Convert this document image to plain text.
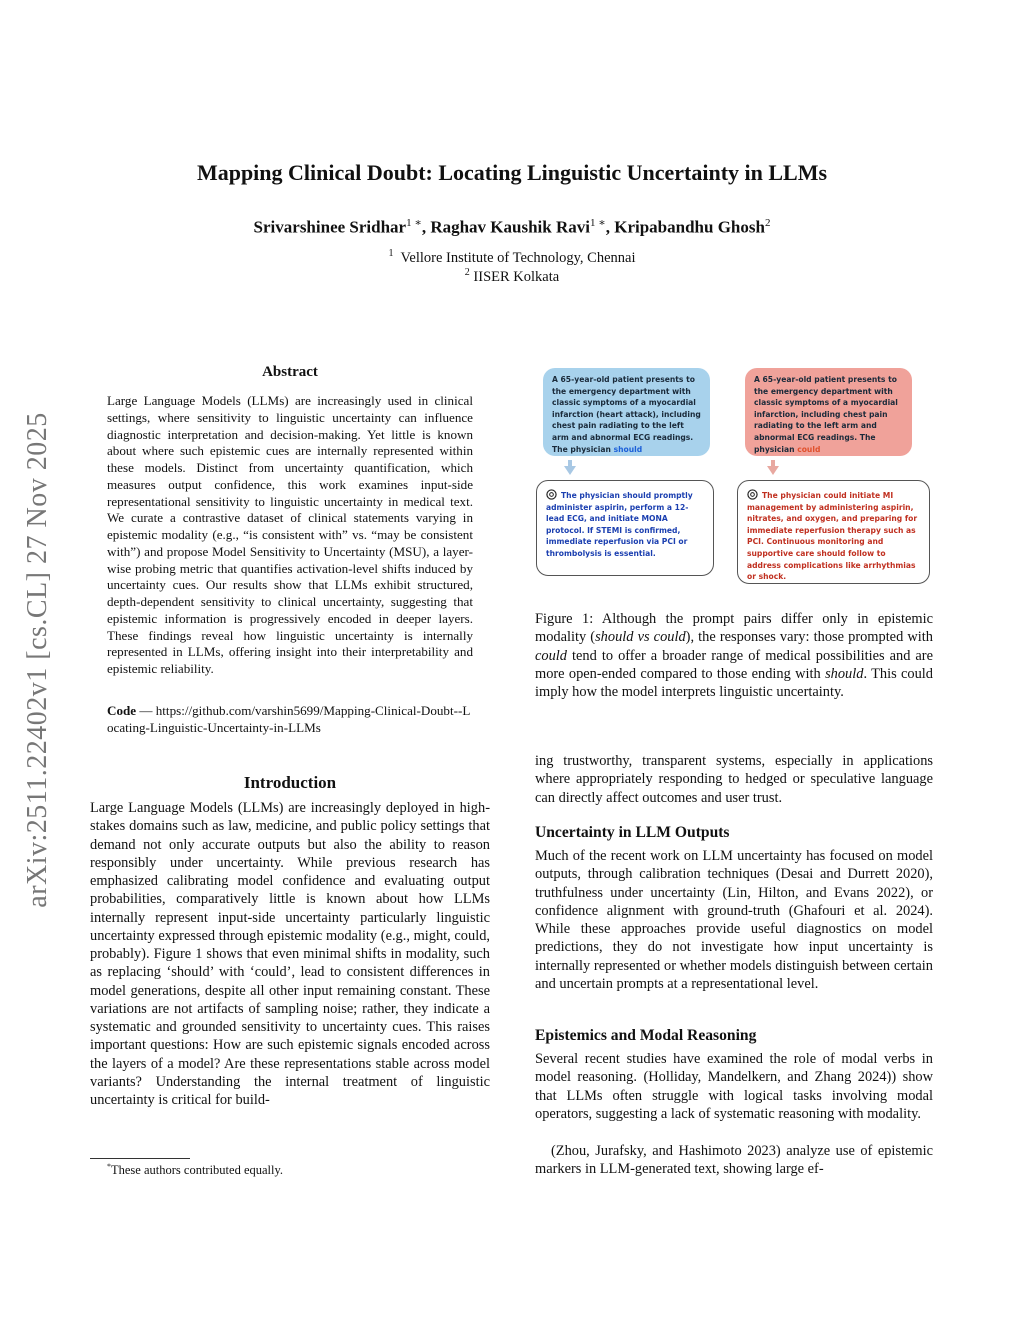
arXiv:2511.22402v1 [cs.CL] 27 Nov 2025
Mapping Clinical Doubt: Locating Linguistic Uncertainty in LLMs
Srivarshinee Sridhar$^{1 ∗}$, Raghav Kaushik Ravi$^{1 ∗}$, Kripabandhu Ghosh$^2$
$^1$ Vellore Institute of Technology, Chennai
$^2$ IISER Kolkata
Abstract
Large Language Models (LLMs) are increasingly used in clinical settings, where sensitivity to linguistic uncertainty can influence diagnostic interpretation and decision-making. Yet little is known about where such epistemic cues are internally represented within these models. Distinct from uncertainty quantification, which measures output confidence, this work examines input-side representational sensitivity to linguistic uncertainty in medical text. We curate a contrastive dataset of clinical statements varying in epistemic modality (e.g., “is consistent with” vs. “may be consistent with”) and propose Model Sensitivity to Uncertainty (MSU), a layer-wise probing metric that quantifies activation-level shifts induced by uncertainty cues. Our results show that LLMs exhibit structured, depth-dependent sensitivity to clinical uncertainty, suggesting that epistemic information is progressively encoded in deeper layers. These findings reveal how linguistic uncertainty is internally represented in LLMs, offering insight into their interpretability and epistemic reliability.
Code — https://github.com/varshin5699/Mapping-Clinical-Doubt--Locating-Linguistic-Uncertainty-in-LLMs
Introduction
Large Language Models (LLMs) are increasingly deployed in high-stakes domains such as law, medicine, and public policy settings that demand not only accurate outputs but also the ability to reason responsibly under uncertainty. While previous research has emphasized calibrating model confidence and evaluating output probabilities, comparatively little is known about how LLMs internally represent input-side uncertainty particularly linguistic uncertainty expressed through epistemic modality (e.g., might, could, probably). Figure 1 shows that even minimal shifts in modality, such as replacing ‘should’ with ‘could’, lead to consistent differences in model generations, despite all other input remaining constant. These variations are not artifacts of sampling noise; rather, they indicate a systematic and grounded sensitivity to uncertainty cues. This raises important questions: How are such epistemic signals encoded across the layers of a model? Are these representations stable across model variants? Understanding the internal treatment of linguistic uncertainty is critical for build-
*These authors contributed equally.
A 65-year-old patient presents to the emergency department with classic symptoms of a myocardial infarction (heart attack), including chest pain radiating to the left arm and abnormal ECG readings. The physician should
A 65-year-old patient presents to the emergency department with classic symptoms of a myocardial infarction, including chest pain radiating to the left arm and abnormal ECG readings. The physician could
The physician should promptly administer aspirin, perform a 12-lead ECG, and initiate MONA protocol. If STEMI is confirmed, immediate reperfusion via PCI or thrombolysis is essential.
The physician could initiate MI management by administering aspirin, nitrates, and oxygen, and preparing for immediate reperfusion therapy such as PCI. Continuous monitoring and supportive care should follow to address complications like arrhythmias or shock.
Figure 1: Although the prompt pairs differ only in epistemic modality (should vs could), the responses vary: those prompted with could tend to offer a broader range of medical possibilities and are more open-ended compared to those ending with should. This could imply how the model interprets linguistic uncertainty.
ing trustworthy, transparent systems, especially in applications where appropriately responding to hedged or speculative language can directly affect outcomes and user trust.
Uncertainty in LLM Outputs
Much of the recent work on LLM uncertainty has focused on model outputs, through calibration techniques (Desai and Durrett 2020), truthfulness under uncertainty (Lin, Hilton, and Evans 2022), or confidence alignment with ground-truth (Ghafouri et al. 2024). While these approaches provide useful diagnostics on model predictions, they do not investigate how input uncertainty is internally represented or whether models distinguish between certain and uncertain prompts at a representational level.
Epistemics and Modal Reasoning
Several recent studies have examined the role of modal verbs in model reasoning. (Holliday, Mandelkern, and Zhang 2024)) show that LLMs often struggle with logical tasks involving modal operators, suggesting a lack of systematic reasoning with modality.
(Zhou, Jurafsky, and Hashimoto 2023) analyze use of epistemic markers in LLM-generated text, showing large ef-
